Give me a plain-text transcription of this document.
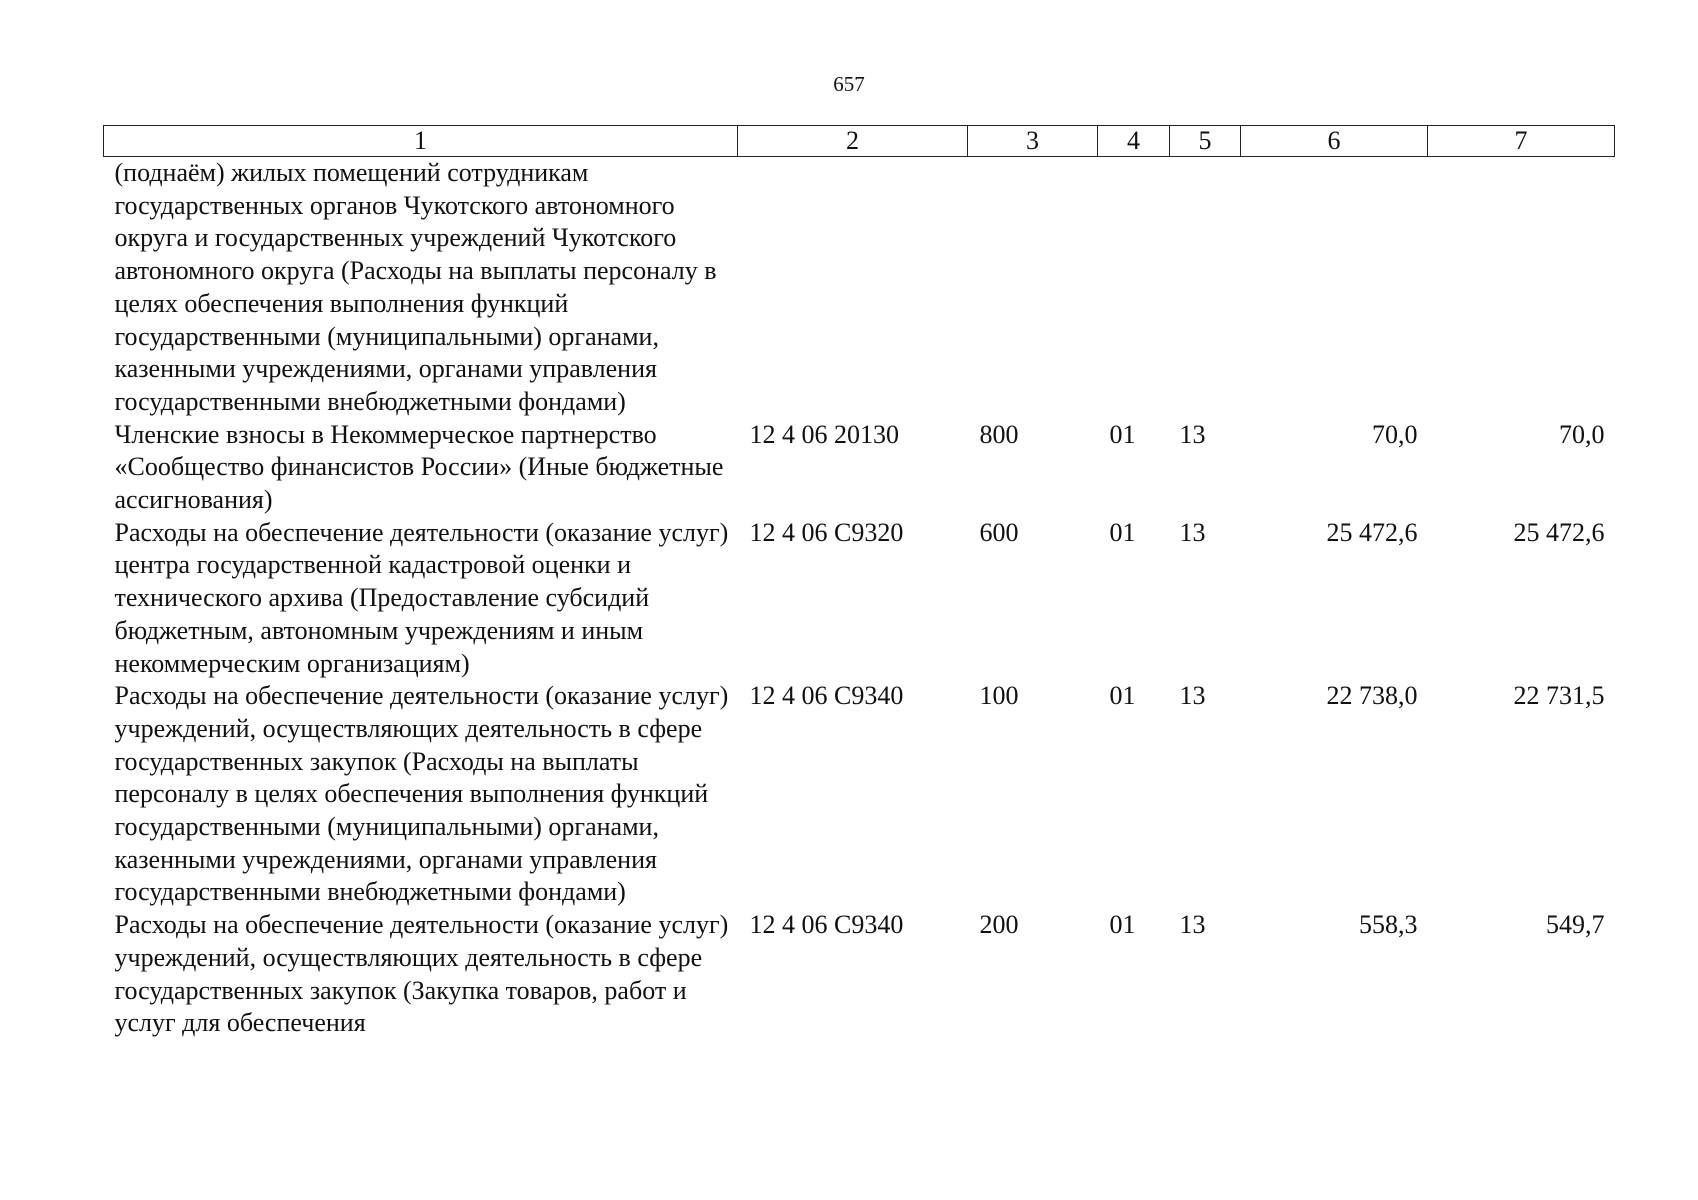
657
1	2	3	4	5	6	7
(поднаём) жилых помещений сотрудникам государственных органов Чукотского автономного округа и государственных учреждений Чукотского автономного округа (Расходы на выплаты персоналу в целях обеспечения выполнения функций государственными (муниципальными) органами, казенными учреждениями, органами управления государственными внебюджетными фондами)						
Членские взносы в Некоммерческое партнерство «Сообщество финансистов России» (Иные бюджетные ассигнования)	12 4 06 20130	800	01	13	70,0	70,0
Расходы на обеспечение деятельности (оказание услуг) центра государственной кадастровой оценки и технического архива (Предоставление субсидий бюджетным, автономным учреждениям и иным некоммерческим организациям)	12 4 06 С9320	600	01	13	25 472,6	25 472,6
Расходы на обеспечение деятельности (оказание услуг) учреждений, осуществляющих деятельность в сфере государственных закупок (Расходы на выплаты персоналу в целях обеспечения выполнения функций государственными (муниципальными) органами, казенными учреждениями, органами управления государственными внебюджетными фондами)	12 4 06 С9340	100	01	13	22 738,0	22 731,5
Расходы на обеспечение деятельности (оказание услуг) учреждений, осуществляющих деятельность в сфере государственных закупок (Закупка товаров, работ и услуг для обеспечения	12 4 06 С9340	200	01	13	558,3	549,7
